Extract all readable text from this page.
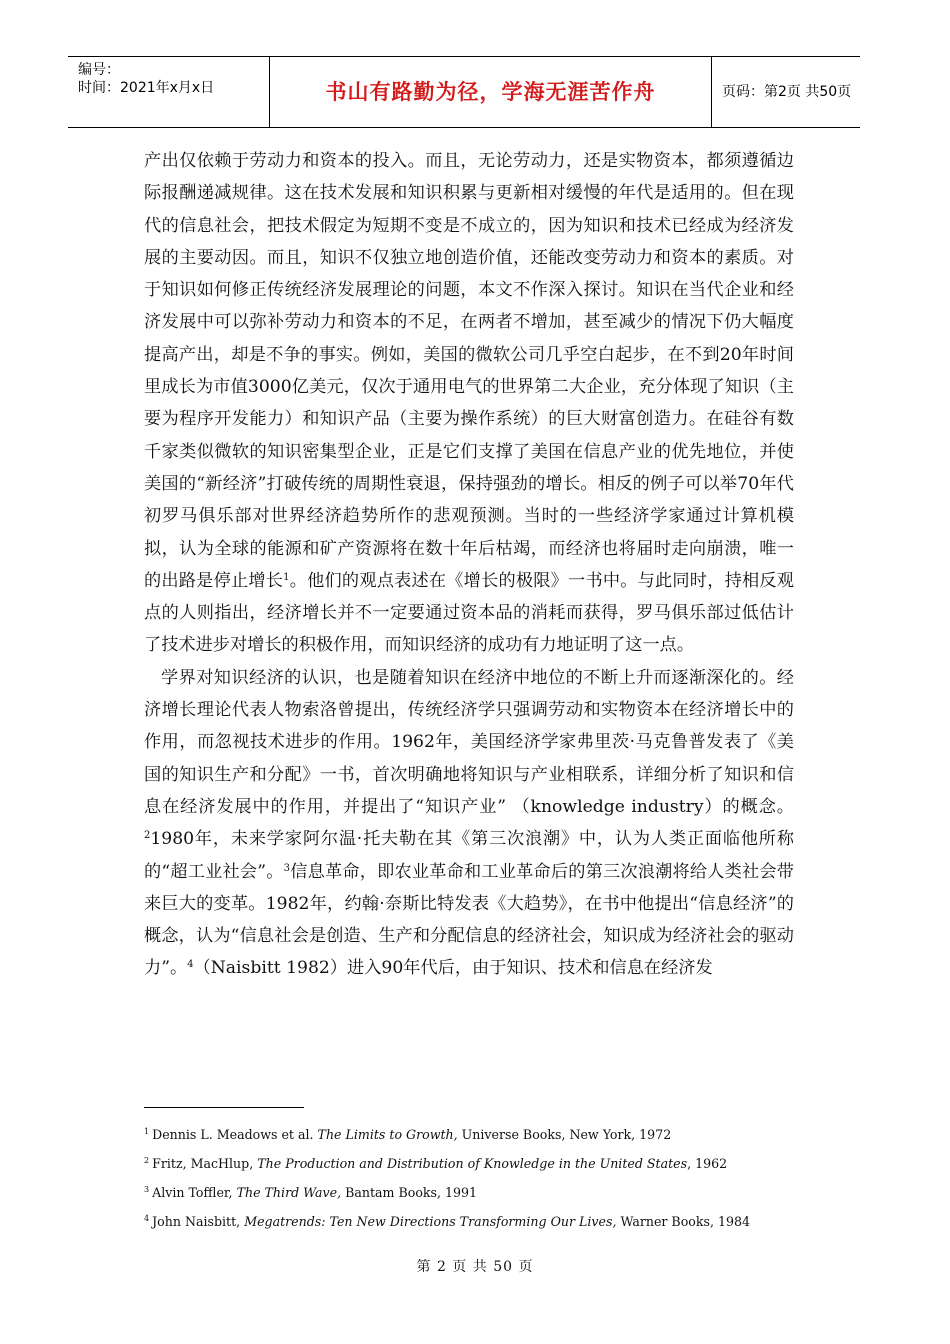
编号：
时间：2021年x月x日	书山有路勤为径，学海无涯苦作舟	页码：第2页 共50页

产出仅依赖于劳动力和资本的投入。而且，无论劳动力，还是实物资本，都须遵循边际报酬递减规律。这在技术发展和知识积累与更新相对缓慢的年代是适用的。但在现代的信息社会，把技术假定为短期不变是不成立的，因为知识和技术已经成为经济发展的主要动因。而且，知识不仅独立地创造价值，还能改变劳动力和资本的素质。对于知识如何修正传统经济发展理论的问题，本文不作深入探讨。知识在当代企业和经济发展中可以弥补劳动力和资本的不足，在两者不增加，甚至减少的情况下仍大幅度提高产出，却是不争的事实。例如，美国的微软公司几乎空白起步，在不到20年时间里成长为市值3000亿美元，仅次于通用电气的世界第二大企业，充分体现了知识（主要为程序开发能力）和知识产品（主要为操作系统）的巨大财富创造力。在硅谷有数千家类似微软的知识密集型企业，正是它们支撑了美国在信息产业的优先地位，并使美国的“新经济”打破传统的周期性衰退，保持强劲的增长。相反的例子可以举70年代初罗马俱乐部对世界经济趋势所作的悲观预测。当时的一些经济学家通过计算机模拟，认为全球的能源和矿产资源将在数十年后枯竭，而经济也将届时走向崩溃，唯一的出路是停止增长$^1$。他们的观点表述在《增长的极限》一书中。与此同时，持相反观点的人则指出，经济增长并不一定要通过资本品的消耗而获得，罗马俱乐部过低估计了技术进步对增长的积极作用，而知识经济的成功有力地证明了这一点。

学界对知识经济的认识，也是随着知识在经济中地位的不断上升而逐渐深化的。经济增长理论代表人物索洛曾提出，传统经济学只强调劳动和实物资本在经济增长中的作用，而忽视技术进步的作用。1962年，美国经济学家弗里茨·马克鲁普发表了《美国的知识生产和分配》一书，首次明确地将知识与产业相联系，详细分析了知识和信息在经济发展中的作用，并提出了“知识产业” （knowledge industry）的概念。$^2$1980年，未来学家阿尔温·托夫勒在其《第三次浪潮》中，认为人类正面临他所称的“超工业社会”。$^3$信息革命，即农业革命和工业革命后的第三次浪潮将给人类社会带来巨大的变革。1982年，约翰·奈斯比特发表《大趋势》，在书中他提出“信息经济”的概念，认为“信息社会是创造、生产和分配信息的经济社会，知识成为经济社会的驱动力”。$^4$（Naisbitt 1982）进入90年代后，由于知识、技术和信息在经济发

$^1$ Dennis L. Meadows et al. The Limits to Growth, Universe Books, New York, 1972
$^2$ Fritz, MacHlup, The Production and Distribution of Knowledge in the United States, 1962
$^3$ Alvin Toffler, The Third Wave, Bantam Books, 1991
$^4$ John Naisbitt, Megatrends: Ten New Directions Transforming Our Lives, Warner Books, 1984
第 2 页 共 50 页
